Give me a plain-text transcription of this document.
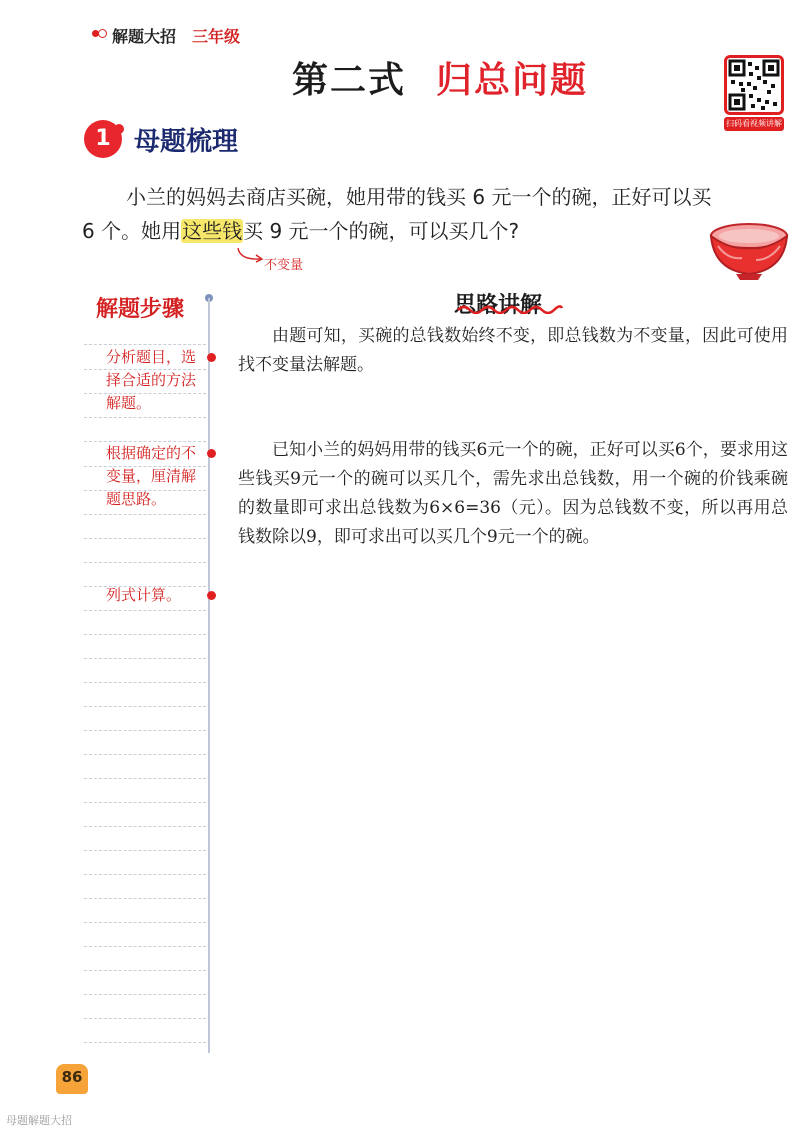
解题大招 三年级
第二式 归总问题
扫码看视频讲解
1 母题梳理
小兰的妈妈去商店买碗，她用带的钱买 6 元一个的碗，正好可以买
6 个。她用这些钱买 9 元一个的碗，可以买几个?
不变量
解题步骤
分析题目，选择合适的方法解题。
根据确定的不变量，厘清解题思路。
列式计算。
思路讲解
由题可知，买碗的总钱数始终不变，即总钱数为不变量，因此可使用找不变量法解题。
已知小兰的妈妈用带的钱买6元一个的碗，正好可以买6个，要求用这些钱买9元一个的碗可以买几个，需先求出总钱数，用一个碗的价钱乘碗的数量即可求出总钱数为6×6=36（元）。因为总钱数不变，所以再用总钱数除以9，即可求出可以买几个9元一个的碗。
86
母题解题大招
